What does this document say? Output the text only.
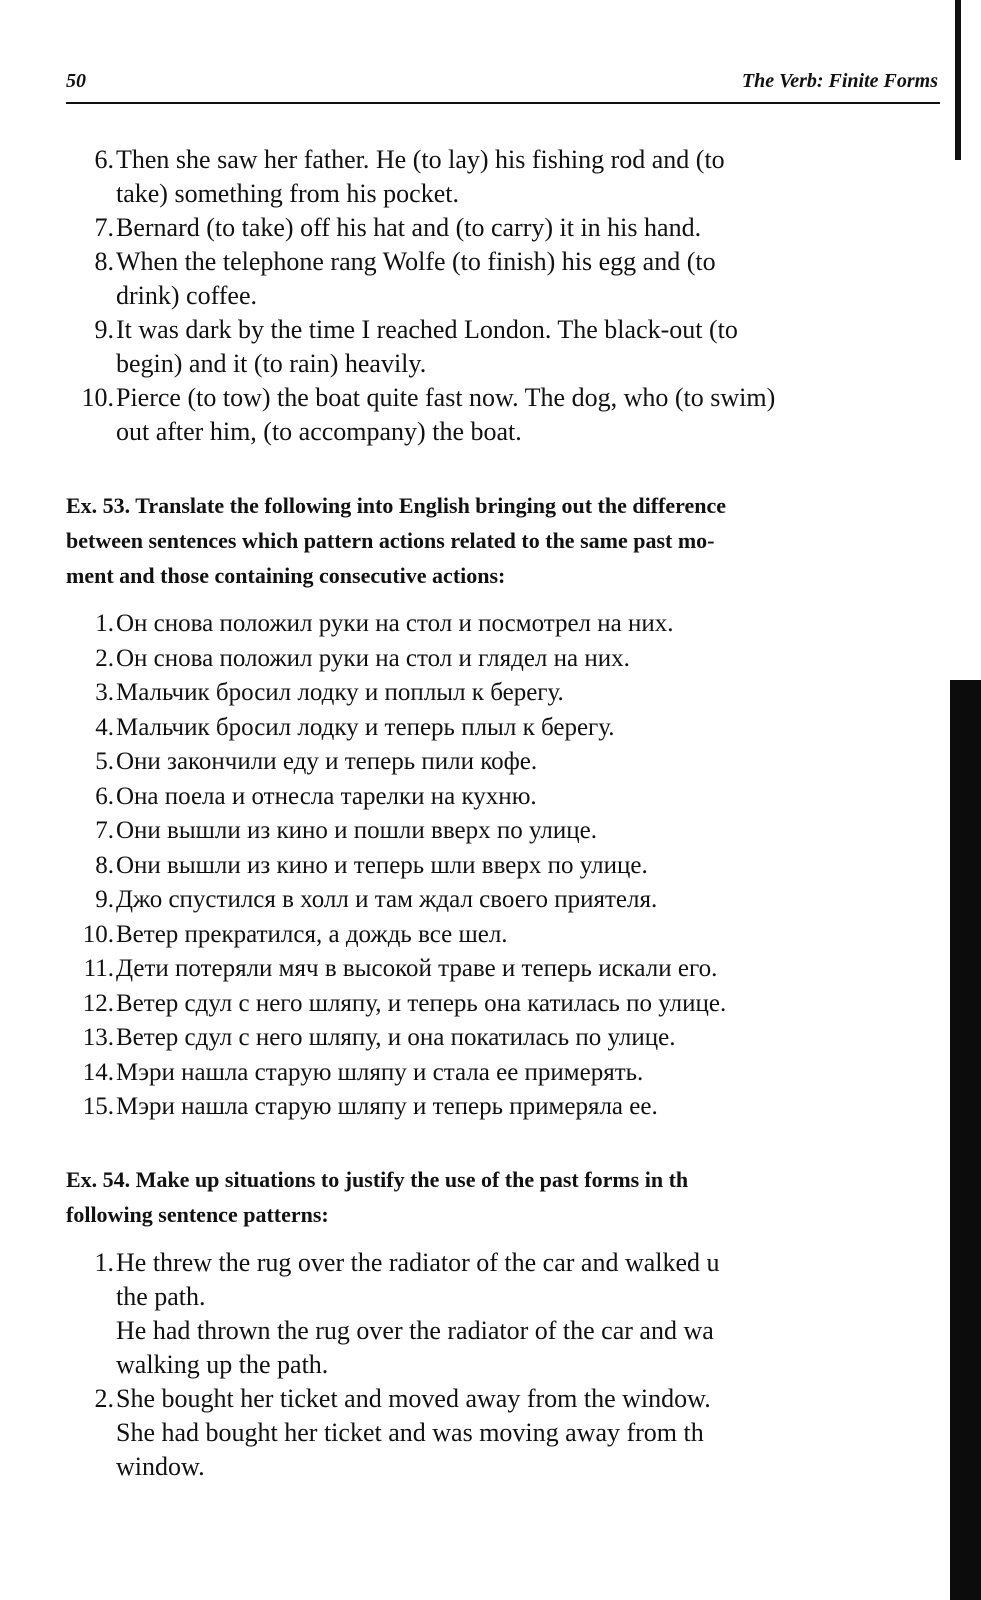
50	The Verb: Finite Forms
6. Then she saw her father. He (to lay) his fishing rod and (to
take) something from his pocket.
7. Bernard (to take) off his hat and (to carry) it in his hand.
8. When the telephone rang Wolfe (to finish) his egg and (to
drink) coffee.
9. It was dark by the time I reached London. The black-out (to
begin) and it (to rain) heavily.
10. Pierce (to tow) the boat quite fast now. The dog, who (to swim)
out after him, (to accompany) the boat.
Ex. 53. Translate the following into English bringing out the difference
between sentences which pattern actions related to the same past mo-
ment and those containing consecutive actions:
1. Он снова положил руки на стол и посмотрел на них.
2. Он снова положил руки на стол и глядел на них.
3. Мальчик бросил лодку и поплыл к берегу.
4. Мальчик бросил лодку и теперь плыл к берегу.
5. Они закончили еду и теперь пили кофе.
6. Она поела и отнесла тарелки на кухню.
7. Они вышли из кино и пошли вверх по улице.
8. Они вышли из кино и теперь шли вверх по улице.
9. Джо спустился в холл и там ждал своего приятеля.
10. Ветер прекратился, а дождь все шел.
11. Дети потеряли мяч в высокой траве и теперь искали его.
12. Ветер сдул с него шляпу, и теперь она катилась по улице.
13. Ветер сдул с него шляпу, и она покатилась по улице.
14. Мэри нашла старую шляпу и стала ее примерять.
15. Мэри нашла старую шляпу и теперь примеряла ее.
Ex. 54. Make up situations to justify the use of the past forms in th
following sentence patterns:
1. He threw the rug over the radiator of the car and walked u
the path.
He had thrown the rug over the radiator of the car and wa
walking up the path.
2. She bought her ticket and moved away from the window.
She had bought her ticket and was moving away from th
window.
